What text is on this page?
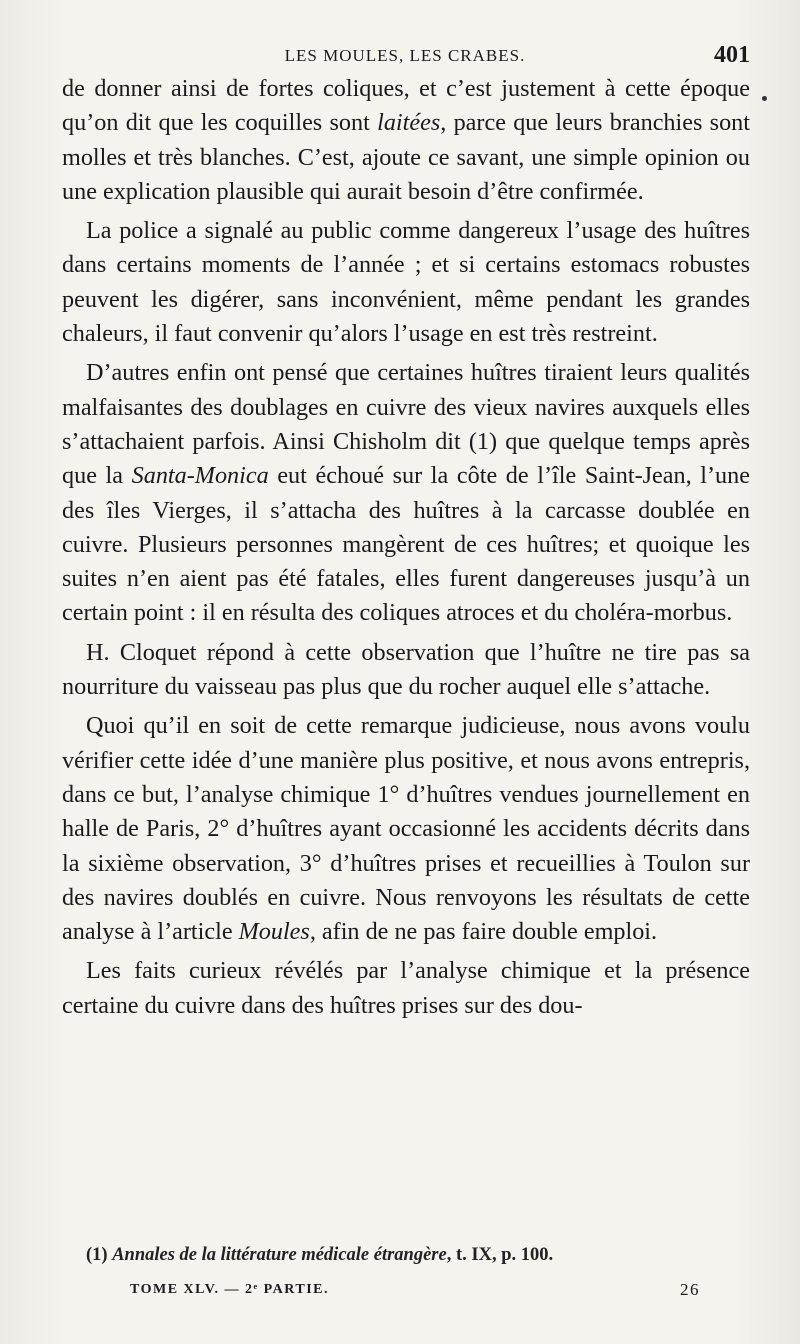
LES MOULES, LES CRABES.	401

de donner ainsi de fortes coliques, et c’est justement à cette époque qu’on dit que les coquilles sont laitées, parce que leurs branchies sont molles et très blanches. C’est, ajoute ce savant, une simple opinion ou une explication plausible qui aurait besoin d’être confirmée.

La police a signalé au public comme dangereux l’usage des huîtres dans certains moments de l’année ; et si certains estomacs robustes peuvent les digérer, sans inconvénient, même pendant les grandes chaleurs, il faut convenir qu’alors l’usage en est très restreint.

D’autres enfin ont pensé que certaines huîtres tiraient leurs qualités malfaisantes des doublages en cuivre des vieux navires auxquels elles s’attachaient parfois. Ainsi Chisholm dit (1) que quelque temps après que la Santa-Monica eut échoué sur la côte de l’île Saint-Jean, l’une des îles Vierges, il s’attacha des huîtres à la carcasse doublée en cuivre. Plusieurs personnes mangèrent de ces huîtres; et quoique les suites n’en aient pas été fatales, elles furent dangereuses jusqu’à un certain point : il en résulta des coliques atroces et du choléra-morbus.

H. Cloquet répond à cette observation que l’huître ne tire pas sa nourriture du vaisseau pas plus que du rocher auquel elle s’attache.

Quoi qu’il en soit de cette remarque judicieuse, nous avons voulu vérifier cette idée d’une manière plus positive, et nous avons entrepris, dans ce but, l’analyse chimique 1° d’huîtres vendues journellement en halle de Paris, 2° d’huîtres ayant occasionné les accidents décrits dans la sixième observation, 3° d’huîtres prises et recueillies à Toulon sur des navires doublés en cuivre. Nous renvoyons les résultats de cette analyse à l’article Moules, afin de ne pas faire double emploi.

Les faits curieux révélés par l’analyse chimique et la présence certaine du cuivre dans des huîtres prises sur des dou-

(1) Annales de la littérature médicale étrangère, t. IX, p. 100.
TOME XLV. — 2ᵉ PARTIE.	26
